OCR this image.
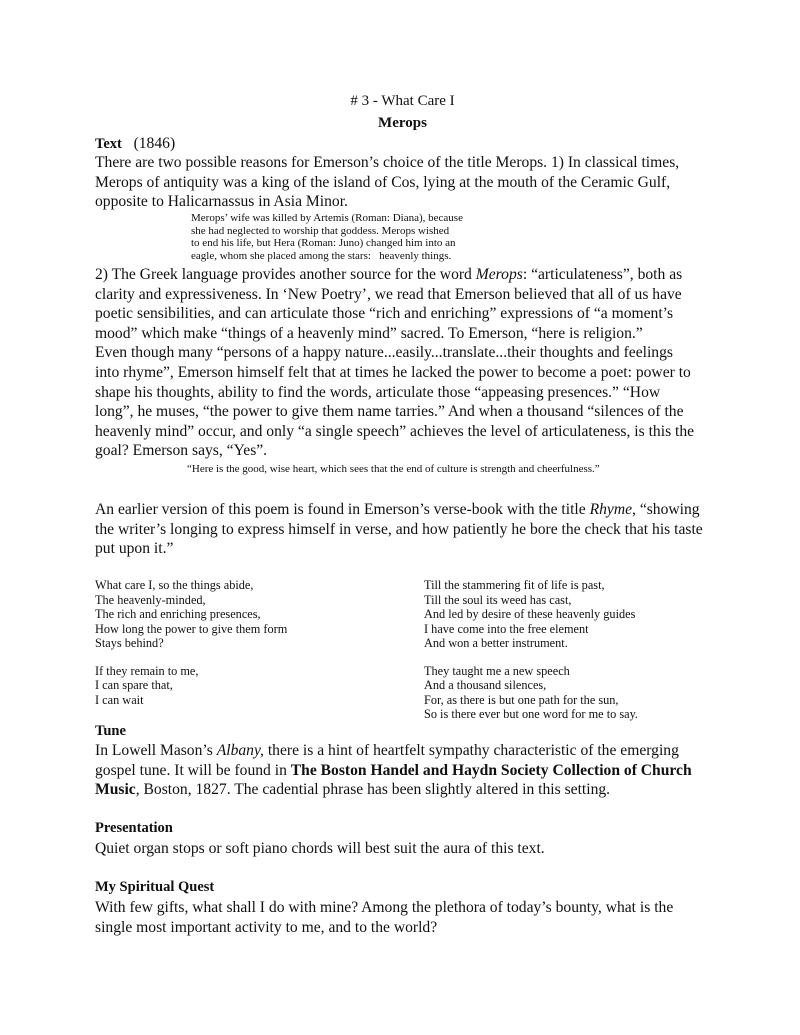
# 3 - What Care I
Merops
Text (1846)
There are two possible reasons for Emerson’s choice of the title Merops. 1) In classical times,
Merops of antiquity was a king of the island of Cos, lying at the mouth of the Ceramic Gulf,
opposite to Halicarnassus in Asia Minor.
Merops’ wife was killed by Artemis (Roman: Diana), because
she had neglected to worship that goddess. Merops wished
to end his life, but Hera (Roman: Juno) changed him into an
eagle, whom she placed among the stars:   heavenly things.
2) The Greek language provides another source for the word Merops: “articulateness”, both as
clarity and expressiveness. In ‘New Poetry’, we read that Emerson believed that all of us have
poetic sensibilities, and can articulate those “rich and enriching” expressions of “a moment’s
mood” which make “things of a heavenly mind” sacred. To Emerson, “here is religion.”
Even though many “persons of a happy nature...easily...translate...their thoughts and feelings
into rhyme”, Emerson himself felt that at times he lacked the power to become a poet: power to
shape his thoughts, ability to find the words, articulate those “appeasing presences.” “How
long”, he muses, “the power to give them name tarries.” And when a thousand “silences of the
heavenly mind” occur, and only “a single speech” achieves the level of articulateness, is this the
goal? Emerson says, “Yes”.
“Here is the good, wise heart, which sees that the end of culture is strength and cheerfulness.”
An earlier version of this poem is found in Emerson’s verse-book with the title Rhyme, “showing
the writer’s longing to express himself in verse, and how patiently he bore the check that his taste
put upon it.”
What care I, so the things abide,
The heavenly-minded,
The rich and enriching presences,
How long the power to give them form
Stays behind?
If they remain to me,
I can spare that,
I can wait
Till the stammering fit of life is past,
Till the soul its weed has cast,
And led by desire of these heavenly guides
I have come into the free element
And won a better instrument.
They taught me a new speech
And a thousand silences,
For, as there is but one path for the sun,
So is there ever but one word for me to say.
Tune
In Lowell Mason’s Albany, there is a hint of heartfelt sympathy characteristic of the emerging
gospel tune. It will be found in The Boston Handel and Haydn Society Collection of Church
Music, Boston, 1827. The cadential phrase has been slightly altered in this setting.
Presentation
Quiet organ stops or soft piano chords will best suit the aura of this text.
My Spiritual Quest
With few gifts, what shall I do with mine? Among the plethora of today’s bounty, what is the
single most important activity to me, and to the world?
